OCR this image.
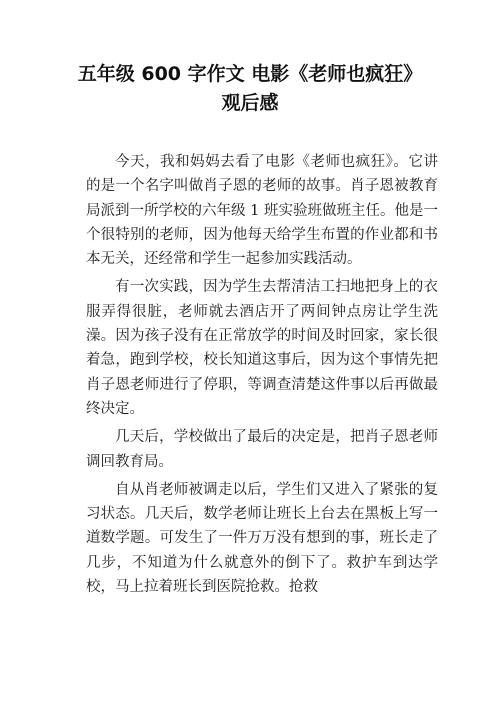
五年级 600 字作文 电影《老师也疯狂》
观后感

今天，我和妈妈去看了电影《老师也疯狂》。它讲的是一个名字叫做肖子恩的老师的故事。肖子恩被教育局派到一所学校的六年级 1 班实验班做班主任。他是一个很特别的老师，因为他每天给学生布置的作业都和书本无关，还经常和学生一起参加实践活动。

有一次实践，因为学生去帮清洁工扫地把身上的衣服弄得很脏，老师就去酒店开了两间钟点房让学生洗澡。因为孩子没有在正常放学的时间及时回家，家长很着急，跑到学校，校长知道这事后，因为这个事情先把肖子恩老师进行了停职，等调查清楚这件事以后再做最终决定。

几天后，学校做出了最后的决定是，把肖子恩老师调回教育局。

自从肖老师被调走以后，学生们又进入了紧张的复习状态。几天后，数学老师让班长上台去在黑板上写一道数学题。可发生了一件万万没有想到的事，班长走了几步，不知道为什么就意外的倒下了。救护车到达学校，马上拉着班长到医院抢救。抢救
